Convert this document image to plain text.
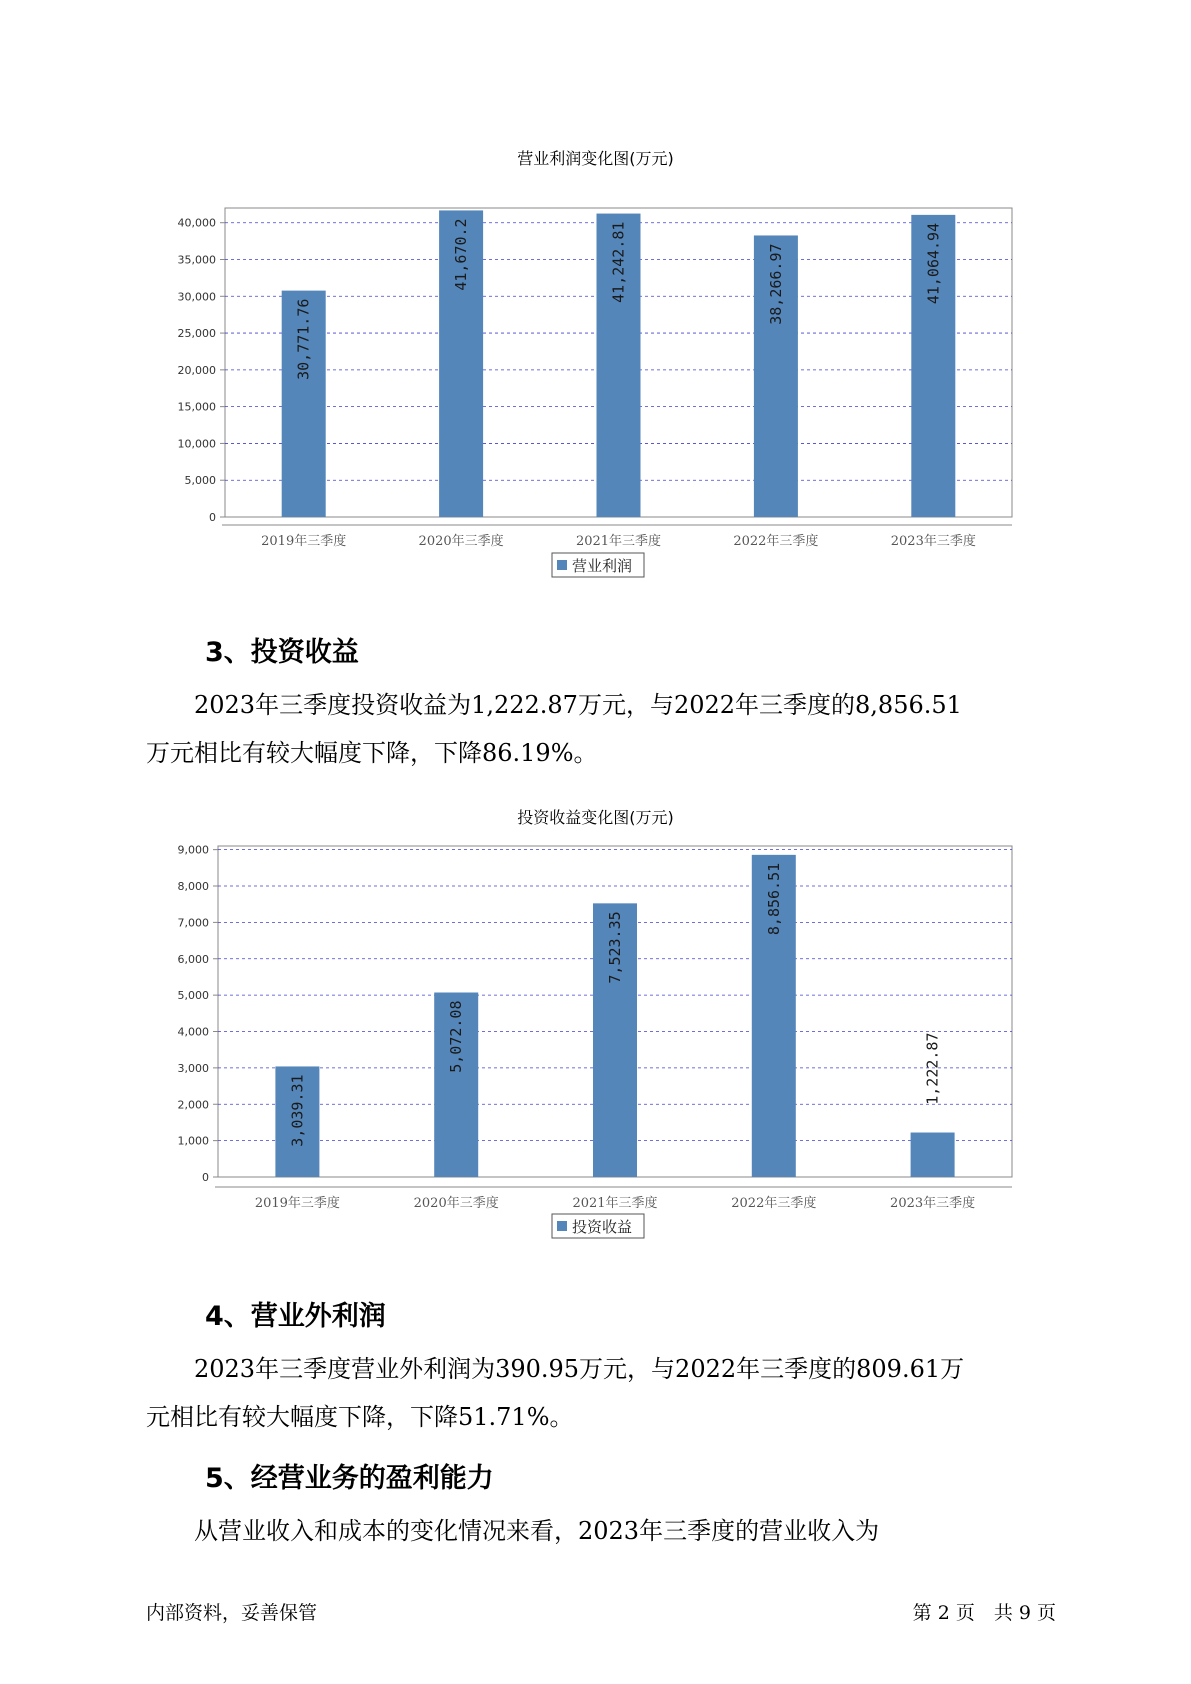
营业利润变化图(万元)
0
5,000
10,000
15,000
20,000
25,000
30,000
35,000
40,000
2019年三季度	2020年三季度	2021年三季度	2022年三季度	2023年三季度
30,771.76
41,670.2	41,242.81	38,266.97	41,064.94
营业利润
3、投资收益

　　2023年三季度投资收益为1,222.87万元，与2022年三季度的8,856.51
万元相比有较大幅度下降，下降86.19%。

投资收益变化图(万元)
0
1,000
2,000
3,000
4,000
5,000
6,000
7,000
8,000
9,000
2019年三季度	2020年三季度	2021年三季度	2022年三季度	2023年三季度
3,039.31
5,072.08
7,523.35
8,856.51
1,222.87
投资收益
4、营业外利润

　　2023年三季度营业外利润为390.95万元，与2022年三季度的809.61万
元相比有较大幅度下降，下降51.71%。

5、经营业务的盈利能力

　　从营业收入和成本的变化情况来看，2023年三季度的营业收入为

内部资料，妥善保管	第 2 页　共 9 页
